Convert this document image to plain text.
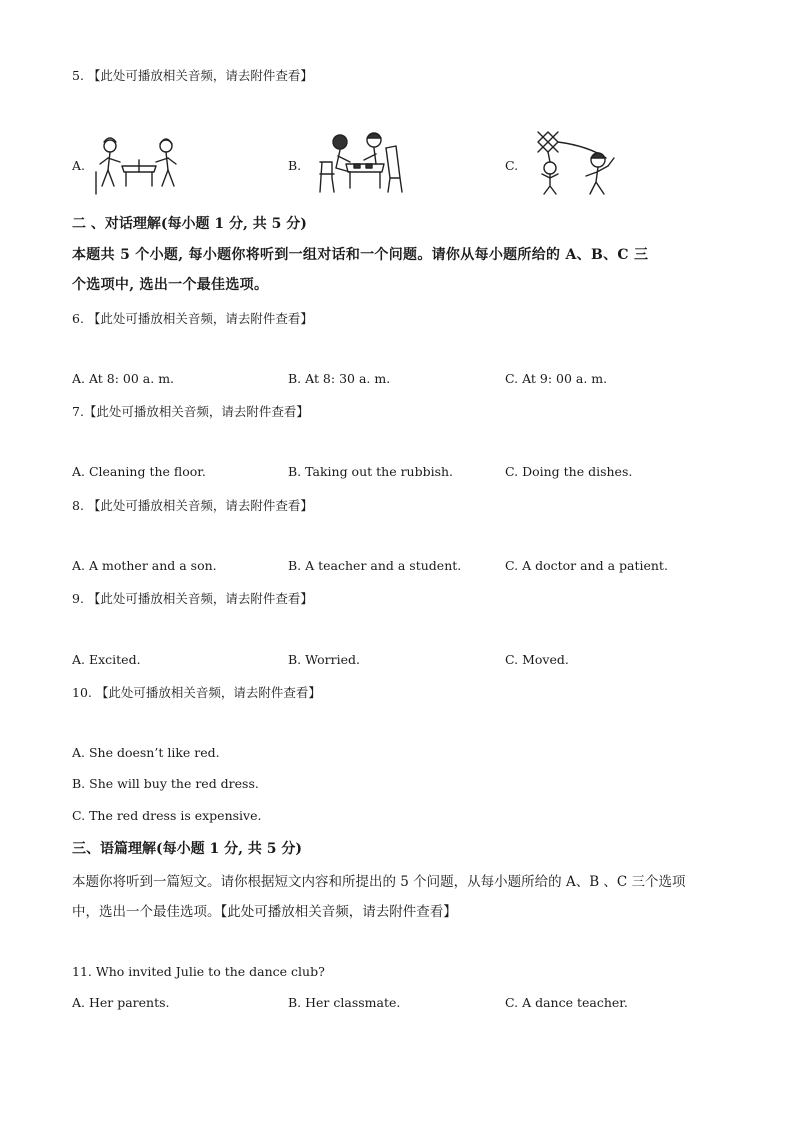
5. 【此处可播放相关音频，请去附件查看】
A.	B.	C.
二 、对话理解(每小题 1 分, 共 5 分)
本题共 5 个小题, 每小题你将听到一组对话和一个问题。请你从每小题所给的 A、B、C 三
个选项中, 选出一个最佳选项。
6. 【此处可播放相关音频，请去附件查看】
A. At 8: 00 a. m.	B. At 8: 30 a. m.	C. At 9: 00 a. m.
7.【此处可播放相关音频，请去附件查看】
A. Cleaning the floor.	B. Taking out the rubbish.	C. Doing the dishes.
8. 【此处可播放相关音频，请去附件查看】
A. A mother and a son.	B. A teacher and a student.	C. A doctor and a patient.
9. 【此处可播放相关音频，请去附件查看】
A. Excited.	B. Worried.	C. Moved.
10. 【此处可播放相关音频，请去附件查看】
A. She doesn’t like red.
B. She will buy the red dress.
C. The red dress is expensive.
三、语篇理解(每小题 1 分, 共 5 分)
本题你将听到一篇短文。请你根据短文内容和所提出的 5 个问题，从每小题所给的 A、B 、C 三个选项
中，选出一个最佳选项。【此处可播放相关音频，请去附件查看】
11. Who invited Julie to the dance club?
A. Her parents.	B. Her classmate.	C. A dance teacher.
